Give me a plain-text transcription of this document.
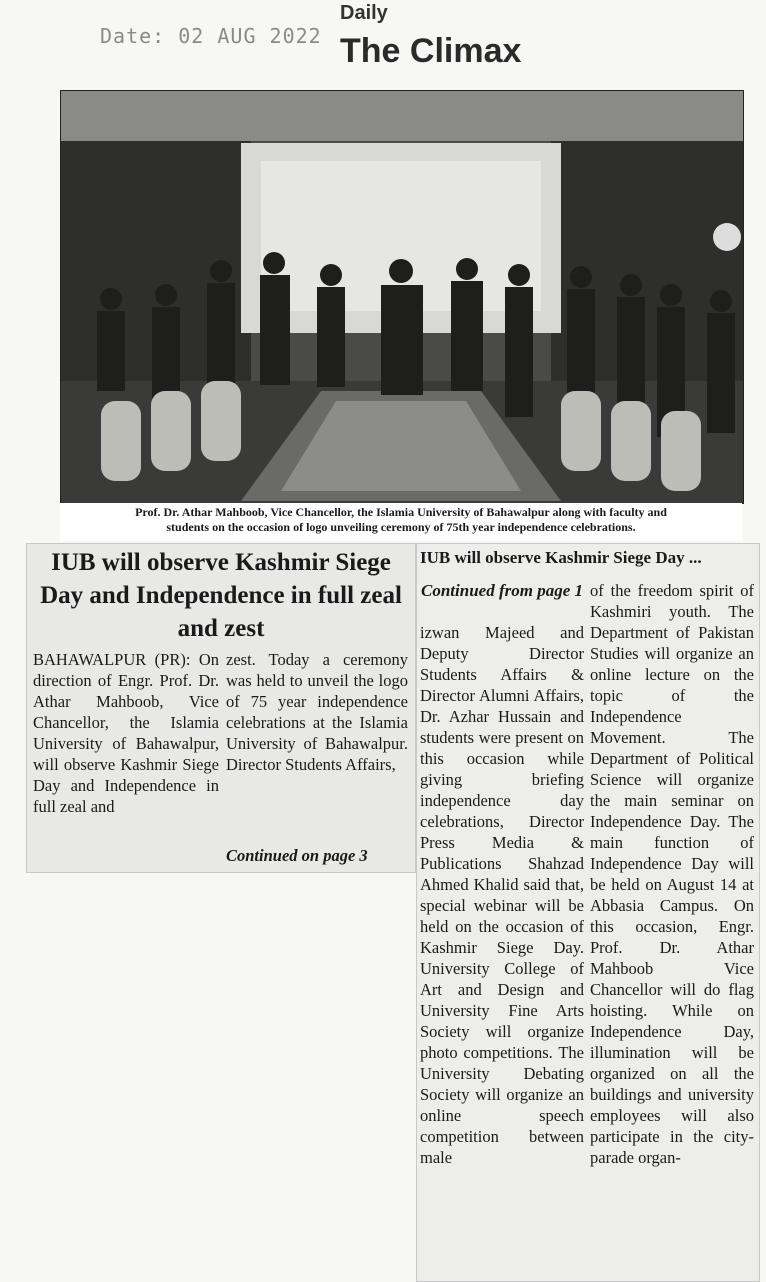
Date: 02 AUG 2022
Daily
The Climax
Prof. Dr. Athar Mahboob, Vice Chancellor, the Islamia University of Bahawalpur along with faculty and
students on the occasion of logo unveiling ceremony of 75th year independence celebrations.
IUB will observe Kashmir Siege Day and Independence in full zeal and zest
BAHAWALPUR (PR): On direction of Engr. Prof. Dr. Athar Mahboob, Vice Chancellor, the Islamia University of Bahawalpur, will observe Kashmir Siege Day and Independence in full zeal and
zest. Today a ceremony was held to unveil the logo of 75 year independence celebrations at the Islamia University of Bahawalpur. Director Students Affairs,
Continued on page 3
IUB will observe Kashmir Siege Day ...
Continued from page 1
izwan Majeed and Deputy Director Students Affairs & Director Alumni Affairs, Dr. Azhar Hussain and students were present on this occasion while giving briefing independence day celebrations, Director Press Media & Publications Shahzad Ahmed Khalid said that, special webinar will be held on the occasion of Kashmir Siege Day. University College of Art and Design and University Fine Arts Society will organize photo competitions. The University Debating Society will organize an online speech competition between male
of the freedom spirit of Kashmiri youth. The Department of Pakistan Studies will organize an online lecture on the topic of the Independence Movement. The Department of Political Science will organize the main seminar on Independence Day. The main function of Independence Day will be held on August 14 at Abbasia Campus. On this occasion, Engr. Prof. Dr. Athar Mahboob Vice Chancellor will do flag hoisting. While on Independence Day, illumination will be organized on all the buildings and university employees will also participate in the city-parade organ-
